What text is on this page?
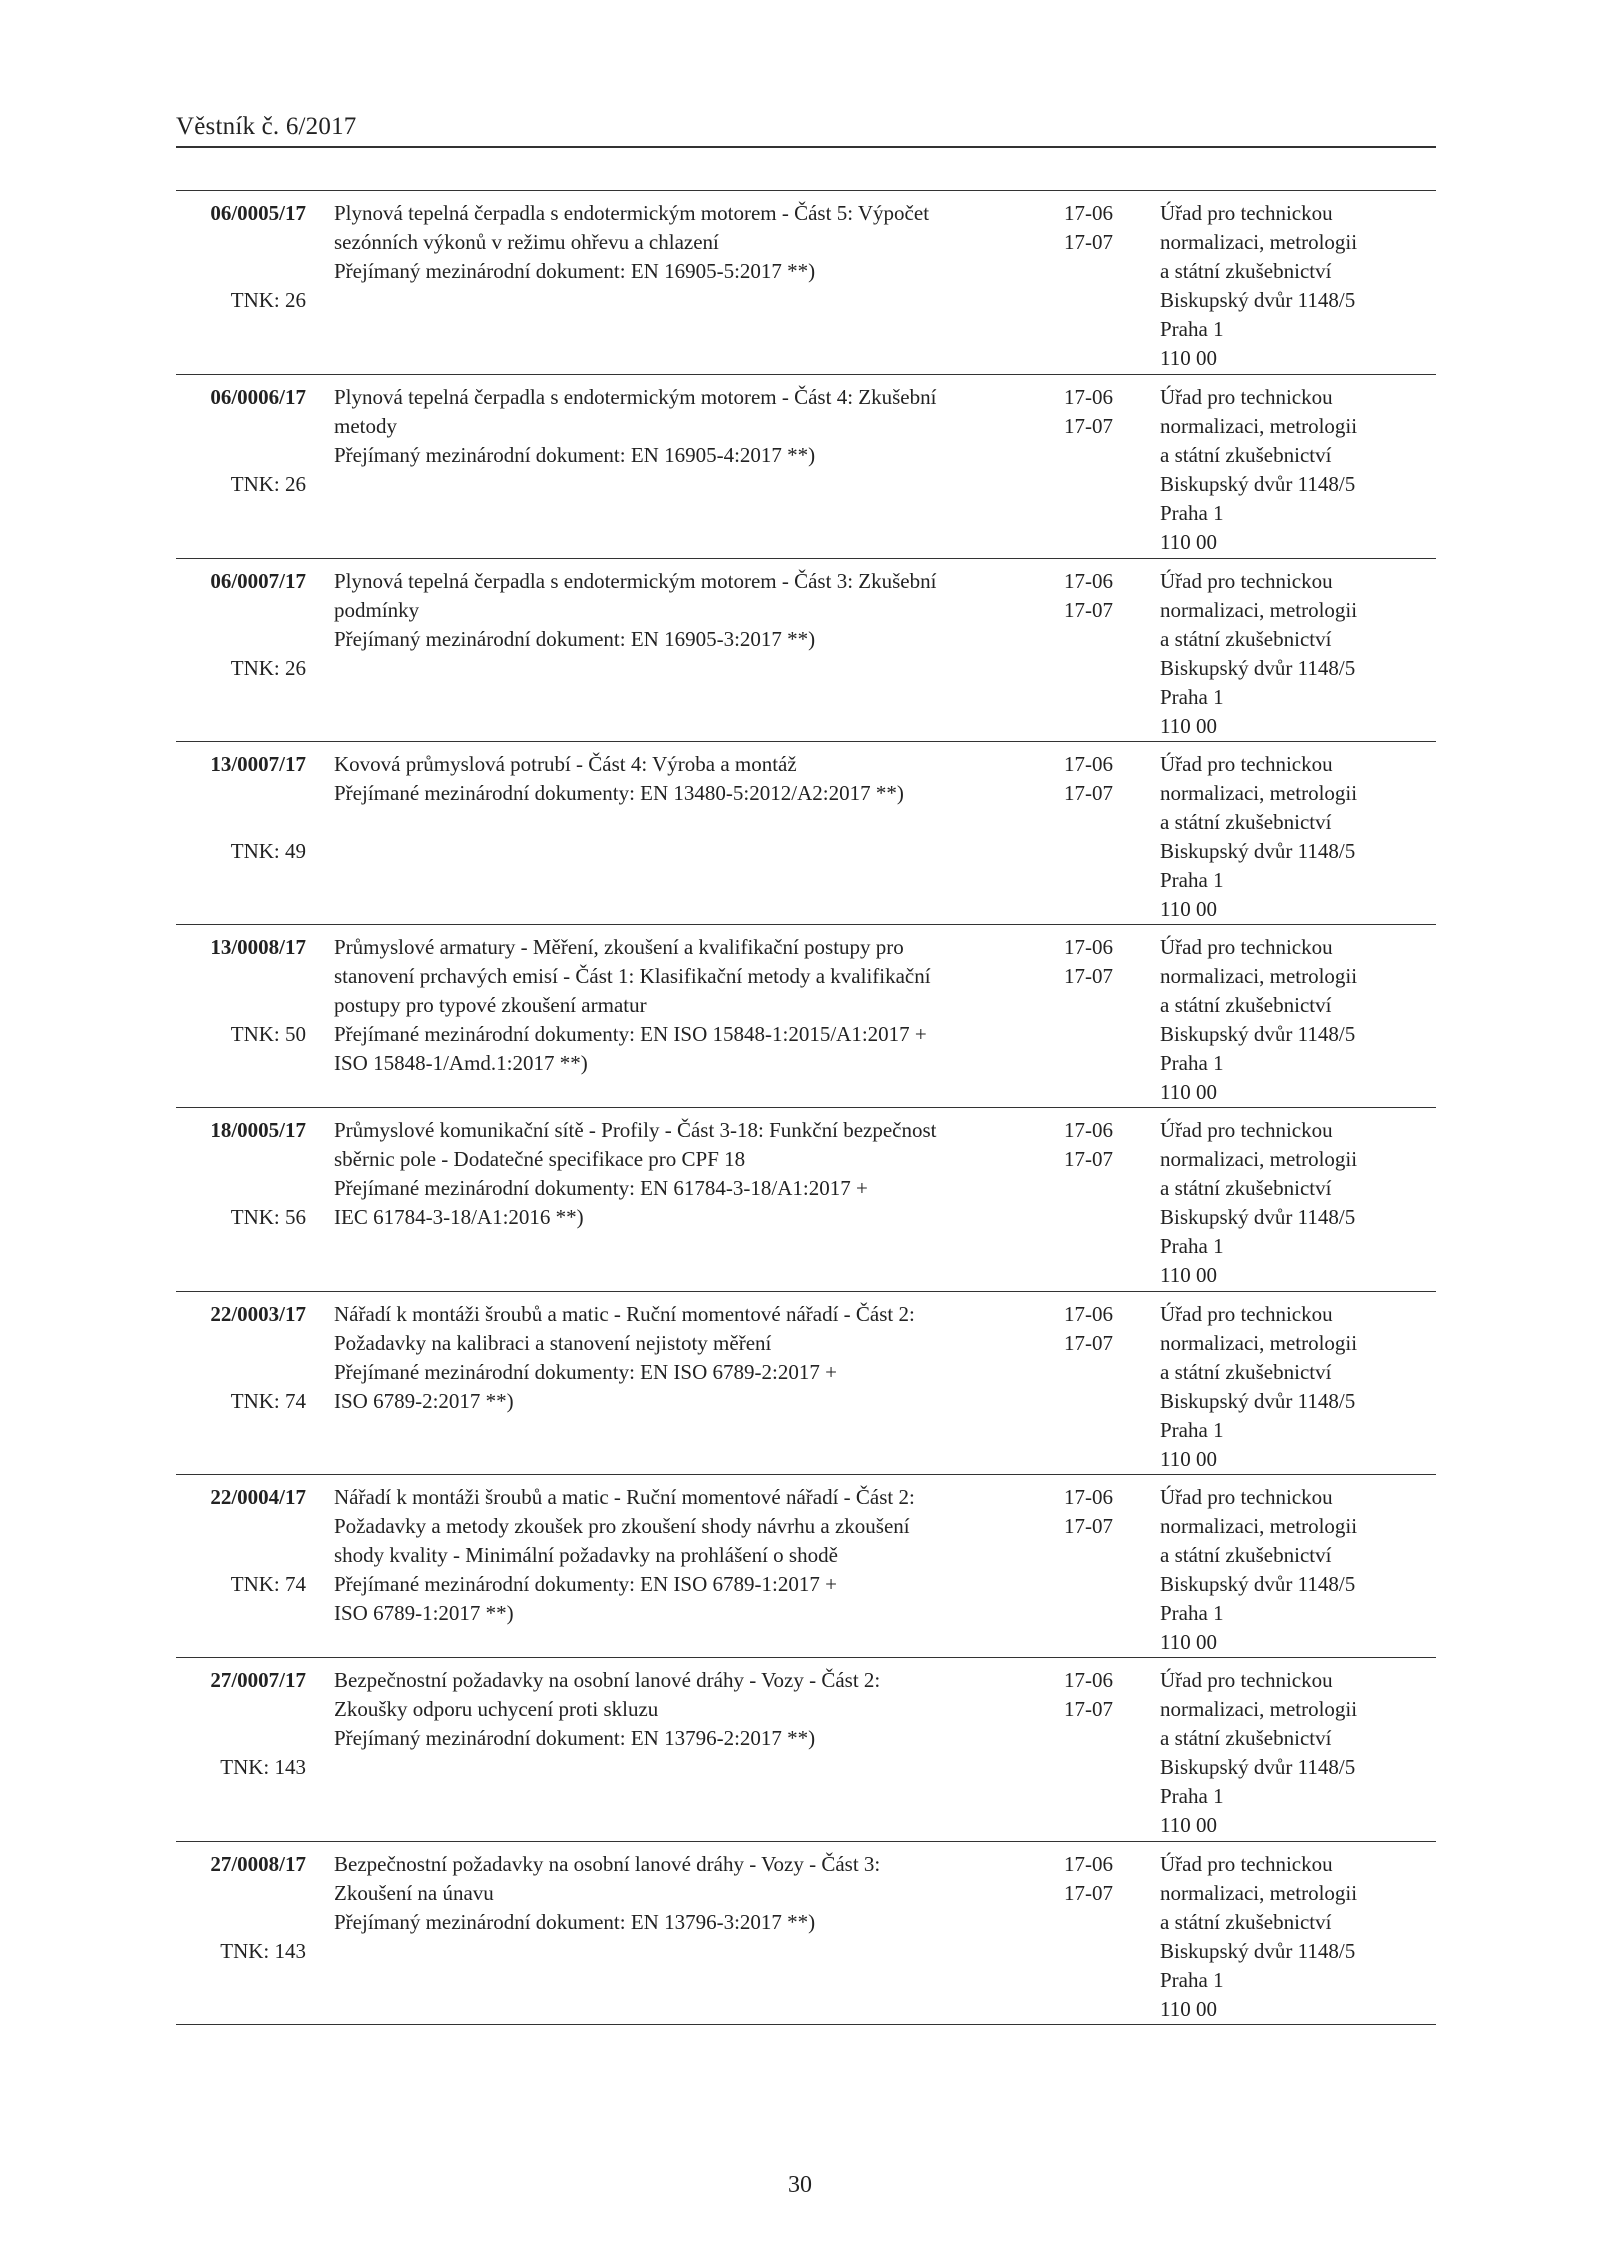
Věstník č. 6/2017
06/0005/17
TNK: 26
Plynová tepelná čerpadla s endotermickým motorem - Část 5: Výpočet
sezónních výkonů v režimu ohřevu a chlazení
Přejímaný mezinárodní dokument: EN 16905-5:2017 **)
17-06
17-07
Úřad pro technickou
normalizaci, metrologii
a státní zkušebnictví
Biskupský dvůr 1148/5
Praha 1
110 00
06/0006/17
TNK: 26
Plynová tepelná čerpadla s endotermickým motorem - Část 4: Zkušební
metody
Přejímaný mezinárodní dokument: EN 16905-4:2017 **)
17-06
17-07
Úřad pro technickou
normalizaci, metrologii
a státní zkušebnictví
Biskupský dvůr 1148/5
Praha 1
110 00
06/0007/17
TNK: 26
Plynová tepelná čerpadla s endotermickým motorem - Část 3: Zkušební
podmínky
Přejímaný mezinárodní dokument: EN 16905-3:2017 **)
17-06
17-07
Úřad pro technickou
normalizaci, metrologii
a státní zkušebnictví
Biskupský dvůr 1148/5
Praha 1
110 00
13/0007/17
TNK: 49
Kovová průmyslová potrubí - Část 4: Výroba a montáž
Přejímané mezinárodní dokumenty: EN 13480-5:2012/A2:2017 **)
17-06
17-07
Úřad pro technickou
normalizaci, metrologii
a státní zkušebnictví
Biskupský dvůr 1148/5
Praha 1
110 00
13/0008/17
TNK: 50
Průmyslové armatury - Měření, zkoušení a kvalifikační postupy pro
stanovení prchavých emisí - Část 1: Klasifikační metody a kvalifikační
postupy pro typové zkoušení armatur
Přejímané mezinárodní dokumenty: EN ISO 15848-1:2015/A1:2017 +
ISO 15848-1/Amd.1:2017 **)
17-06
17-07
Úřad pro technickou
normalizaci, metrologii
a státní zkušebnictví
Biskupský dvůr 1148/5
Praha 1
110 00
18/0005/17
TNK: 56
Průmyslové komunikační sítě - Profily - Část 3-18: Funkční bezpečnost
sběrnic pole - Dodatečné specifikace pro CPF 18
Přejímané mezinárodní dokumenty: EN 61784-3-18/A1:2017 +
IEC 61784-3-18/A1:2016 **)
17-06
17-07
Úřad pro technickou
normalizaci, metrologii
a státní zkušebnictví
Biskupský dvůr 1148/5
Praha 1
110 00
22/0003/17
TNK: 74
Nářadí k montáži šroubů a matic - Ruční momentové nářadí - Část 2:
Požadavky na kalibraci a stanovení nejistoty měření
Přejímané mezinárodní dokumenty: EN ISO 6789-2:2017 +
ISO 6789-2:2017 **)
17-06
17-07
Úřad pro technickou
normalizaci, metrologii
a státní zkušebnictví
Biskupský dvůr 1148/5
Praha 1
110 00
22/0004/17
TNK: 74
Nářadí k montáži šroubů a matic - Ruční momentové nářadí - Část 2:
Požadavky a metody zkoušek pro zkoušení shody návrhu a zkoušení
shody kvality - Minimální požadavky na prohlášení o shodě
Přejímané mezinárodní dokumenty: EN ISO 6789-1:2017 +
ISO 6789-1:2017 **)
17-06
17-07
Úřad pro technickou
normalizaci, metrologii
a státní zkušebnictví
Biskupský dvůr 1148/5
Praha 1
110 00
27/0007/17
TNK: 143
Bezpečnostní požadavky na osobní lanové dráhy - Vozy - Část 2:
Zkoušky odporu uchycení proti skluzu
Přejímaný mezinárodní dokument: EN 13796-2:2017 **)
17-06
17-07
Úřad pro technickou
normalizaci, metrologii
a státní zkušebnictví
Biskupský dvůr 1148/5
Praha 1
110 00
27/0008/17
TNK: 143
Bezpečnostní požadavky na osobní lanové dráhy - Vozy - Část 3:
Zkoušení na únavu
Přejímaný mezinárodní dokument: EN 13796-3:2017 **)
17-06
17-07
Úřad pro technickou
normalizaci, metrologii
a státní zkušebnictví
Biskupský dvůr 1148/5
Praha 1
110 00
30
